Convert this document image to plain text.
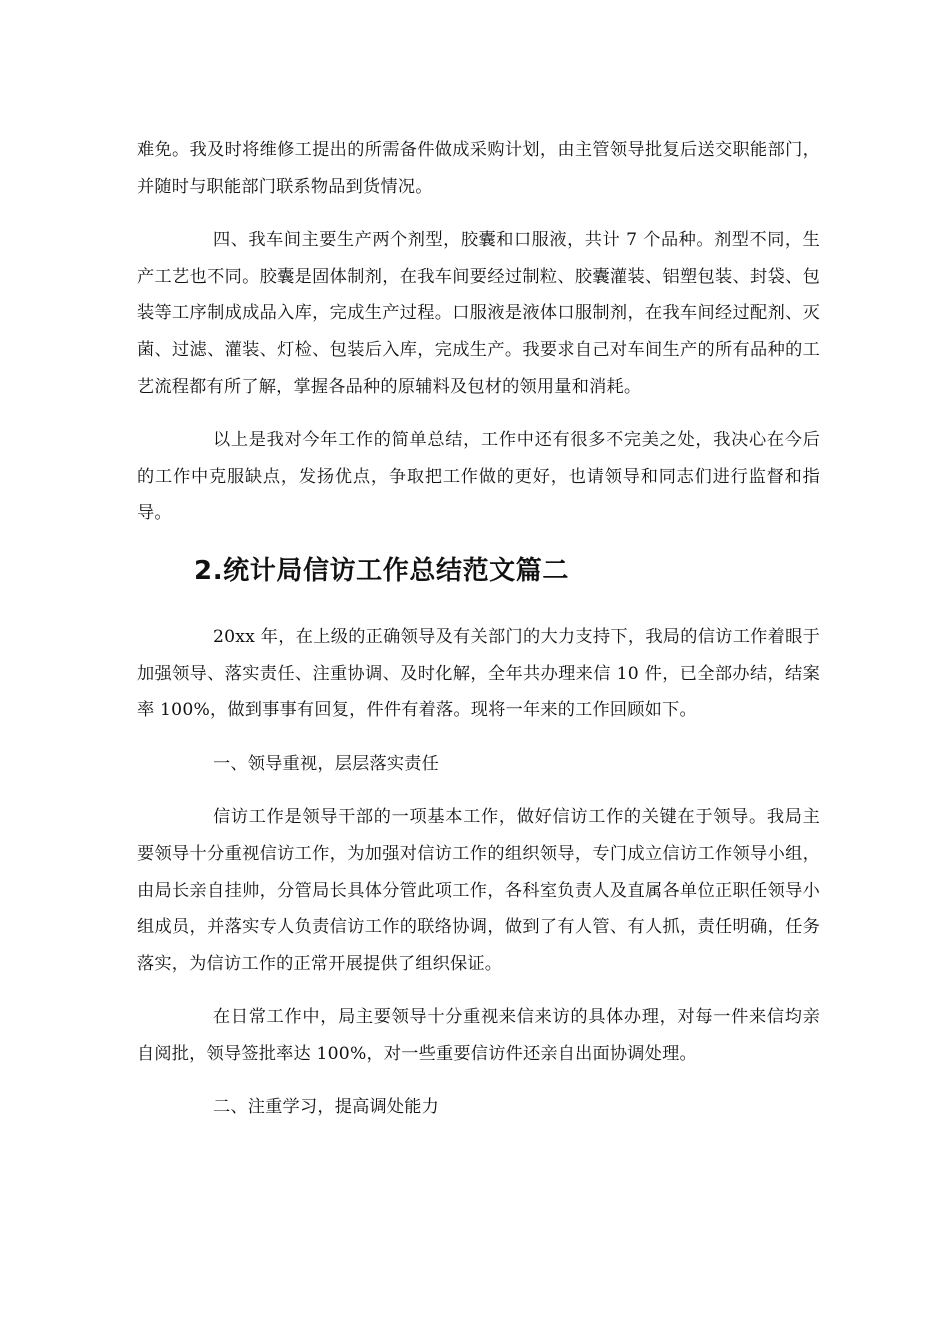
难免。我及时将维修工提出的所需备件做成采购计划，由主管领导批复后送交职能部门，并随时与职能部门联系物品到货情况。

四、我车间主要生产两个剂型，胶囊和口服液，共计 7 个品种。剂型不同，生产工艺也不同。胶囊是固体制剂，在我车间要经过制粒、胶囊灌装、铝塑包装、封袋、包装等工序制成成品入库，完成生产过程。口服液是液体口服制剂，在我车间经过配剂、灭菌、过滤、灌装、灯检、包装后入库，完成生产。我要求自己对车间生产的所有品种的工艺流程都有所了解，掌握各品种的原辅料及包材的领用量和消耗。

以上是我对今年工作的简单总结，工作中还有很多不完美之处，我决心在今后的工作中克服缺点，发扬优点，争取把工作做的更好，也请领导和同志们进行监督和指导。

2.统计局信访工作总结范文篇二

20xx 年，在上级的正确领导及有关部门的大力支持下，我局的信访工作着眼于加强领导、落实责任、注重协调、及时化解，全年共办理来信 10 件，已全部办结，结案率 100%，做到事事有回复，件件有着落。现将一年来的工作回顾如下。

一、领导重视，层层落实责任

信访工作是领导干部的一项基本工作，做好信访工作的关键在于领导。我局主要领导十分重视信访工作，为加强对信访工作的组织领导，专门成立信访工作领导小组，由局长亲自挂帅，分管局长具体分管此项工作，各科室负责人及直属各单位正职任领导小组成员，并落实专人负责信访工作的联络协调，做到了有人管、有人抓，责任明确，任务落实，为信访工作的正常开展提供了组织保证。

在日常工作中，局主要领导十分重视来信来访的具体办理，对每一件来信均亲自阅批，领导签批率达 100%，对一些重要信访件还亲自出面协调处理。

二、注重学习，提高调处能力
